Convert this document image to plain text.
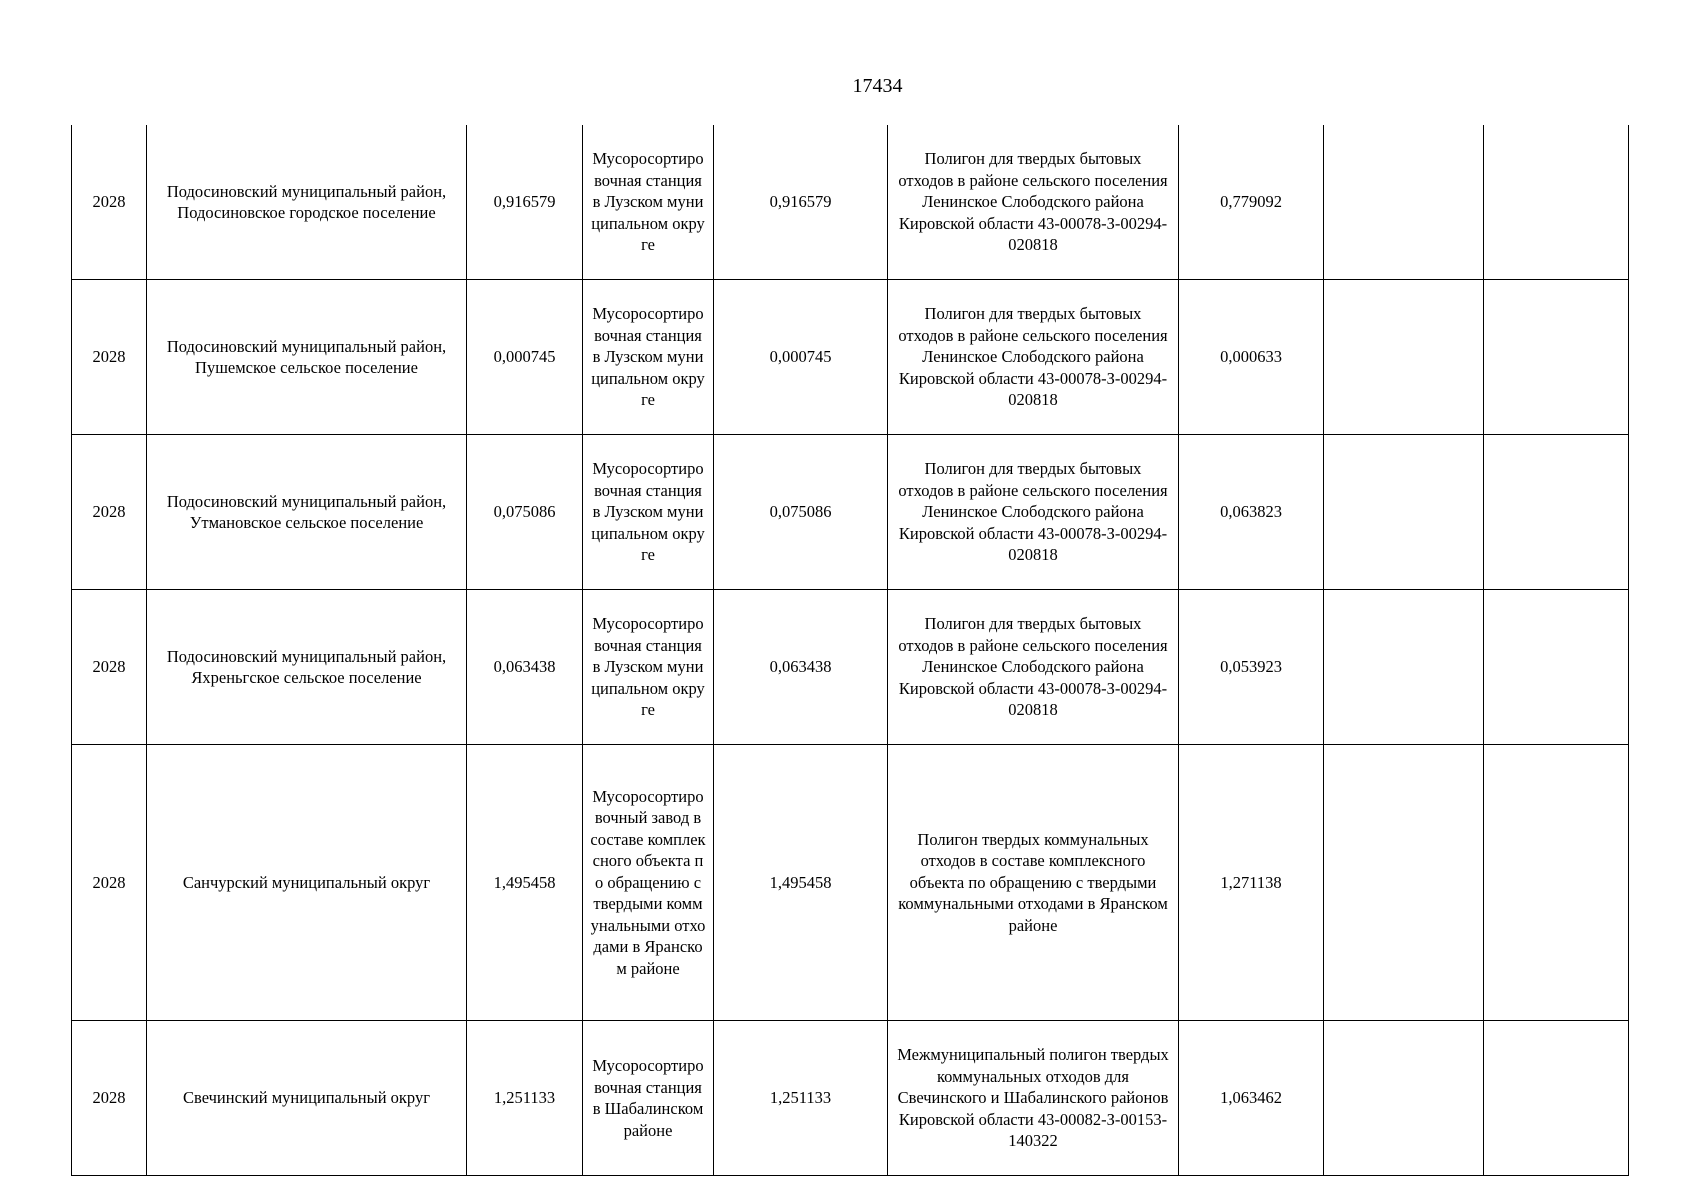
17434
2028	Подосиновский муниципальный район, Подосиновское городское поселение	0,916579	Мусоросортировочная станция в Лузском муниципальном округе	0,916579	Полигон для твердых бытовых отходов в районе сельского поселения Ленинское Слободского района Кировской области 43-00078-З-00294-020818	0,779092		
2028	Подосиновский муниципальный район, Пушемское сельское поселение	0,000745	Мусоросортировочная станция в Лузском муниципальном округе	0,000745	Полигон для твердых бытовых отходов в районе сельского поселения Ленинское Слободского района Кировской области 43-00078-З-00294-020818	0,000633		
2028	Подосиновский муниципальный район, Утмановское сельское поселение	0,075086	Мусоросортировочная станция в Лузском муниципальном округе	0,075086	Полигон для твердых бытовых отходов в районе сельского поселения Ленинское Слободского района Кировской области 43-00078-З-00294-020818	0,063823		
2028	Подосиновский муниципальный район, Яхреньгское сельское поселение	0,063438	Мусоросортировочная станция в Лузском муниципальном округе	0,063438	Полигон для твердых бытовых отходов в районе сельского поселения Ленинское Слободского района Кировской области 43-00078-З-00294-020818	0,053923		
2028	Санчурский муниципальный округ	1,495458	Мусоросортировочный завод в составе комплексного объекта по обращению с твердыми коммунальными отходами в Яранском районе	1,495458	Полигон твердых коммунальных отходов в составе комплексного объекта по обращению с твердыми коммунальными отходами в Яранском районе	1,271138		
2028	Свечинский муниципальный округ	1,251133	Мусоросортировочная станция в Шабалинском районе	1,251133	Межмуниципальный полигон твердых коммунальных отходов для Свечинского и Шабалинского районов Кировской области 43-00082-З-00153-140322	1,063462		
